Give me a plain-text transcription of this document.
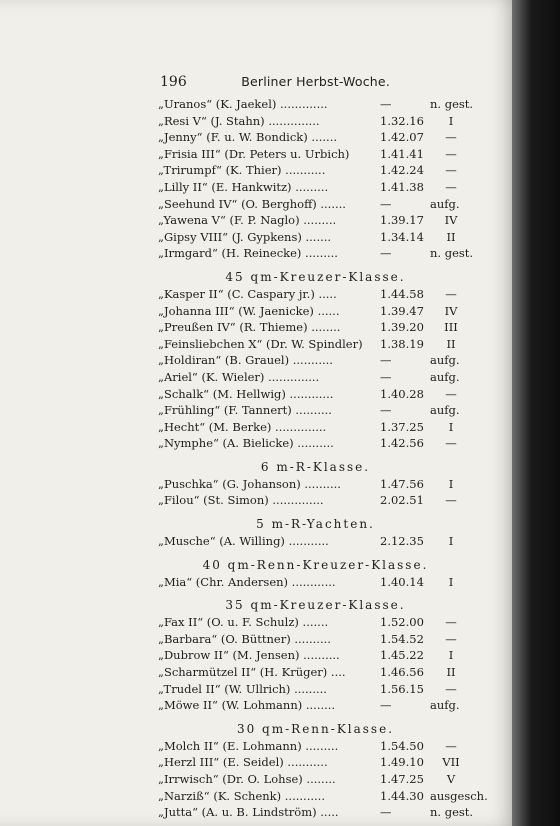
196	Berliner Herbst-Woche.
„Uranos“ (K. Jaekel) .............	—	n. gest.
„Resi V“ (J. Stahn) ..............	1.32.16	I
„Jenny“ (F. u. W. Bondick) .......	1.42.07	—
„Frisia III“ (Dr. Peters u. Urbich)	1.41.41	—
„Trirumpf“ (K. Thier) ...........	1.42.24	—
„Lilly II“ (E. Hankwitz) .........	1.41.38	—
„Seehund IV“ (O. Berghoff) .......	—	aufg.
„Yawena V“ (F. P. Naglo) .........	1.39.17	IV
„Gipsy VIII“ (J. Gypkens) .......	1.34.14	II
„Irmgard“ (H. Reinecke) .........	—	n. gest.
45 qm-Kreuzer-Klasse.
„Kasper II“ (C. Caspary jr.) .....	1.44.58	—
„Johanna III“ (W. Jaenicke) ......	1.39.47	IV
„Preußen IV“ (R. Thieme) ........	1.39.20	III
„Feinsliebchen X“ (Dr. W. Spindler) 1.38.19	II
„Holdiran“ (B. Grauel) ...........	—	aufg.
„Ariel“ (K. Wieler) ..............	—	aufg.
„Schalk“ (M. Hellwig) ............	1.40.28	—
„Frühling“ (F. Tannert) ..........	—	aufg.
„Hecht“ (M. Berke) ..............	1.37.25	I
„Nymphe“ (A. Bielicke) ..........	1.42.56	—
6 m-R-Klasse.
„Puschka“ (G. Johanson) ..........	1.47.56	I
„Filou“ (St. Simon) ..............	2.02.51	—
5 m-R-Yachten.
„Musche“ (A. Willing) ...........	2.12.35	I
40 qm-Renn-Kreuzer-Klasse.
„Mia“ (Chr. Andersen) ............	1.40.14	I
35 qm-Kreuzer-Klasse.
„Fax II“ (O. u. F. Schulz) .......	1.52.00	—
„Barbara“ (O. Büttner) ..........	1.54.52	—
„Dubrow II“ (M. Jensen) ..........	1.45.22	I
„Scharmützel II“ (H. Krüger) ....	1.46.56	II
„Trudel II“ (W. Ullrich) .........	1.56.15	—
„Möwe II“ (W. Lohmann) ........	—	aufg.
30 qm-Renn-Klasse.
„Molch II“ (E. Lohmann) .........	1.54.50	—
„Herzl III“ (E. Seidel) ...........	1.49.10	VII
„Irrwisch“ (Dr. O. Lohse) ........	1.47.25	V
„Narziß“ (K. Schenk) ...........	1.44.30 ausgesch.
„Jutta“ (A. u. B. Lindström) .....	—	n. gest.
